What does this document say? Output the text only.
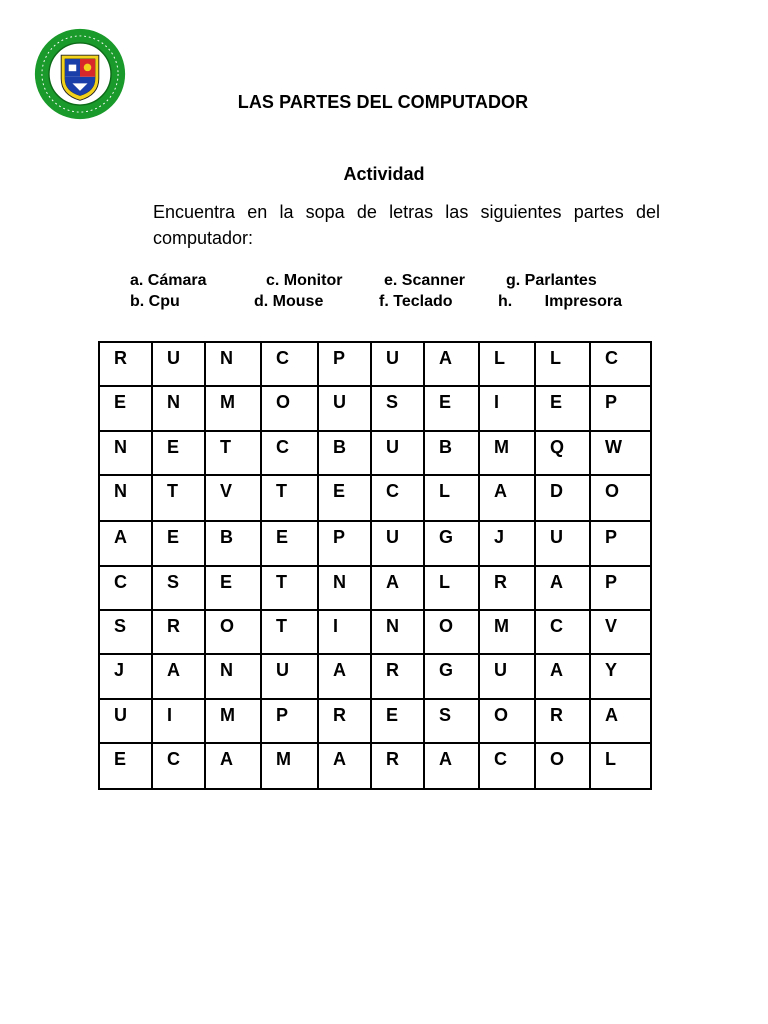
LAS PARTES DEL COMPUTADOR
Actividad
Encuentra en la sopa de letras las siguientes partes del computador:
a. Cámara	c. Monitor	e. Scanner	g. Parlantes
b. Cpu	d. Mouse	f. Teclado	h. Impresora
R	U	N	C	P	U	A	L	L	C
E	N	M	O	U	S	E	I	E	P
N	E	T	C	B	U	B	M	Q	W
N	T	V	T	E	C	L	A	D	O
A	E	B	E	P	U	G	J	U	P
C	S	E	T	N	A	L	R	A	P
S	R	O	T	I	N	O	M	C	V
J	A	N	U	A	R	G	U	A	Y
U	I	M	P	R	E	S	O	R	A
E	C	A	M	A	R	A	C	O	L
